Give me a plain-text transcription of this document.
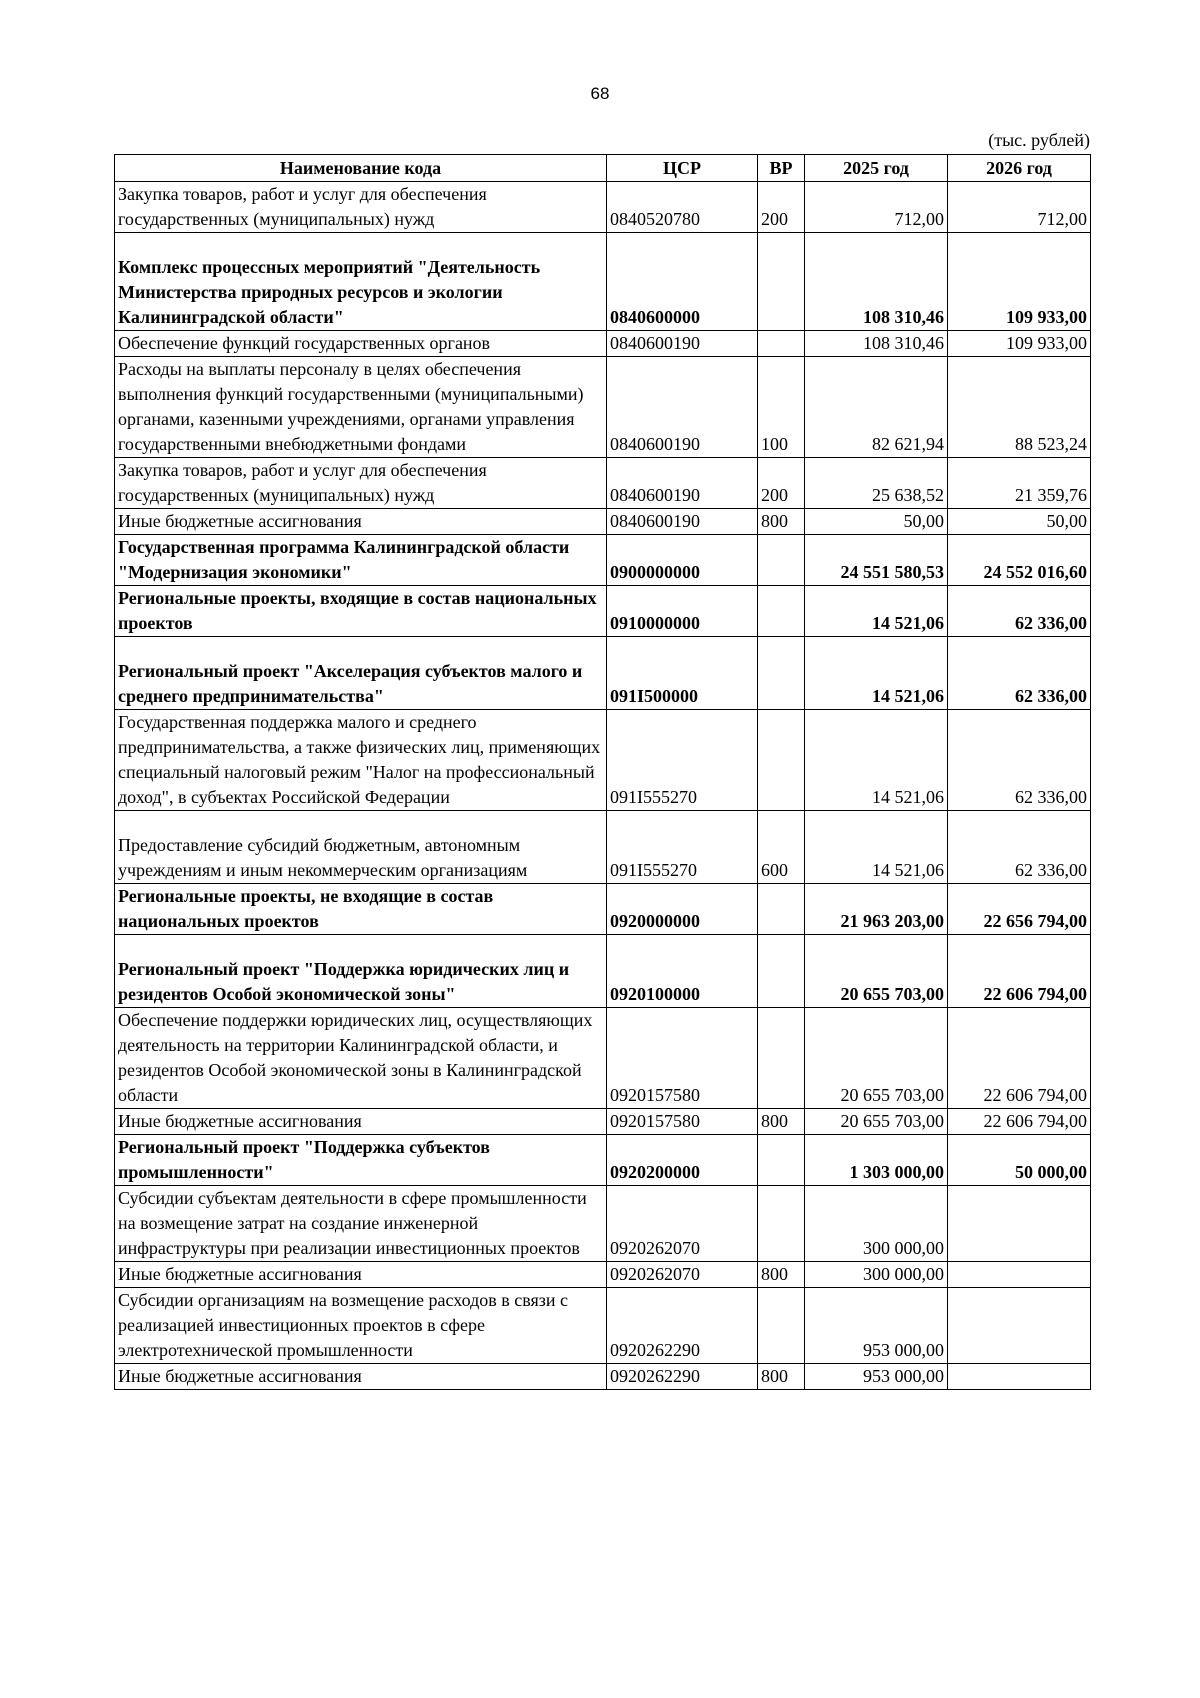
68
(тыс. рублей)
Наименование кода	ЦСР	ВР	2025 год	2026 год
Закупка товаров, работ и услуг для обеспечения государственных (муниципальных) нужд	0840520780	200	712,00	712,00
Комплекс процессных мероприятий "Деятельность Министерства природных ресурсов и экологии Калининградской области"	0840600000		108 310,46	109 933,00
Обеспечение функций государственных органов	0840600190		108 310,46	109 933,00
Расходы на выплаты персоналу в целях обеспечения выполнения функций государственными (муниципальными) органами, казенными учреждениями, органами управления государственными внебюджетными фондами	0840600190	100	82 621,94	88 523,24
Закупка товаров, работ и услуг для обеспечения государственных (муниципальных) нужд	0840600190	200	25 638,52	21 359,76
Иные бюджетные ассигнования	0840600190	800	50,00	50,00
Государственная программа Калининградской области "Модернизация экономики"	0900000000		24 551 580,53	24 552 016,60
Региональные проекты, входящие в состав национальных проектов	0910000000		14 521,06	62 336,00
Региональный проект "Акселерация субъектов малого и среднего предпринимательства"	091I500000		14 521,06	62 336,00
Государственная поддержка малого и среднего предпринимательства, а также физических лиц, применяющих специальный налоговый режим "Налог на профессиональный доход", в субъектах Российской Федерации	091I555270		14 521,06	62 336,00
Предоставление субсидий бюджетным, автономным учреждениям и иным некоммерческим организациям	091I555270	600	14 521,06	62 336,00
Региональные проекты, не входящие в состав национальных проектов	0920000000		21 963 203,00	22 656 794,00
Региональный проект "Поддержка юридических лиц и резидентов Особой экономической зоны"	0920100000		20 655 703,00	22 606 794,00
Обеспечение поддержки юридических лиц, осуществляющих деятельность на территории Калининградской области, и резидентов Особой экономической зоны в Калининградской области	0920157580		20 655 703,00	22 606 794,00
Иные бюджетные ассигнования	0920157580	800	20 655 703,00	22 606 794,00
Региональный проект "Поддержка субъектов промышленности"	0920200000		1 303 000,00	50 000,00
Субсидии субъектам деятельности в сфере промышленности на возмещение затрат на создание инженерной инфраструктуры при реализации инвестиционных проектов	0920262070		300 000,00	
Иные бюджетные ассигнования	0920262070	800	300 000,00	
Субсидии организациям на возмещение расходов в связи с реализацией инвестиционных проектов в сфере электротехнической промышленности	0920262290		953 000,00	
Иные бюджетные ассигнования	0920262290	800	953 000,00	
